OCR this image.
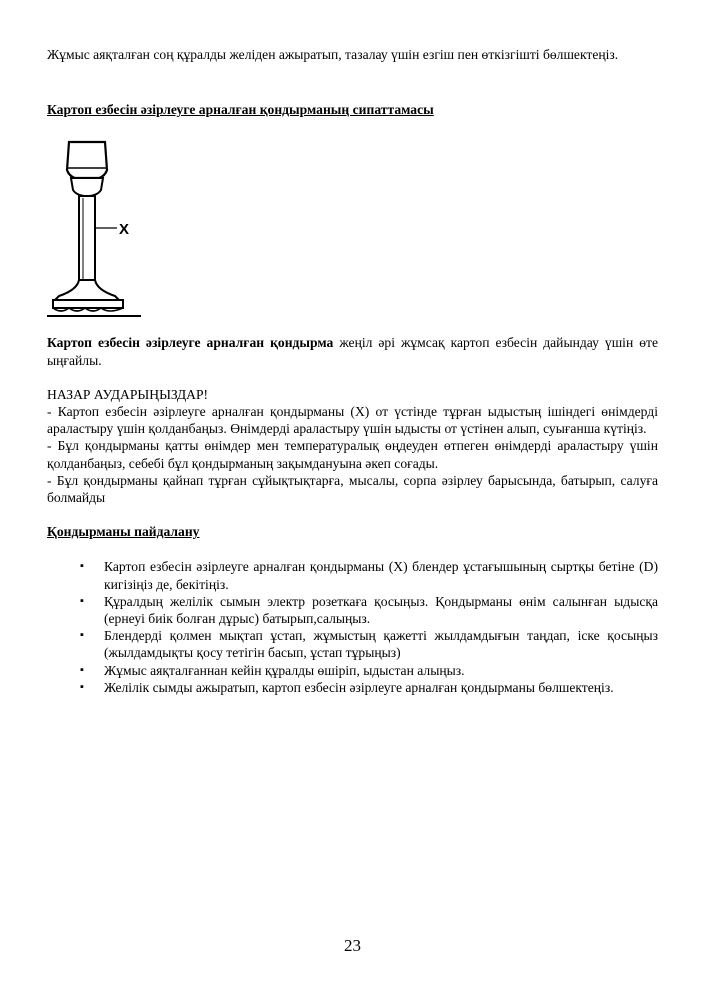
Жұмыс аяқталған соң құралды желіден ажыратып, тазалау үшін езгіш пен өткізгішті бөлшектеңіз.

Картоп езбесін әзірлеуге арналған қондырманың сипаттамасы

X

Картоп езбесін әзірлеуге арналған қондырма жеңіл әрі жұмсақ картоп езбесін дайындау үшін өте ыңғайлы.

НАЗАР АУДАРЫҢЫЗДАР!

- Картоп езбесін әзірлеуге арналған қондырманы (X) от үстінде тұрған ыдыстың ішіндегі өнімдерді араластыру үшін қолданбаңыз. Өнімдерді араластыру үшін ыдысты от үстінен алып, суығанша күтіңіз.

- Бұл қондырманы қатты өнімдер мен температуралық өңдеуден өтпеген өнімдерді араластыру үшін қолданбаңыз, себебі бұл қондырманың зақымдануына әкеп соғады.

- Бұл қондырманы қайнап тұрған сұйықтықтарға, мысалы, сорпа әзірлеу барысында, батырып, салуға болмайды

Қондырманы пайдалану

▪ Картоп езбесін әзірлеуге арналған қондырманы (X) блендер ұстағышының сыртқы бетіне (D) кигізіңіз де, бекітіңіз.
▪ Құралдың желілік сымын электр розеткаға қосыңыз. Қондырманы өнім салынған ыдысқа (ернеуі биік болған дұрыс) батырып,салыңыз.
▪ Блендерді қолмен мықтап ұстап, жұмыстың қажетті жылдамдығын таңдап, іске қосыңыз (жылдамдықты қосу тетігін басып, ұстап тұрыңыз)
▪ Жұмыс аяқталғаннан кейін құралды өшіріп, ыдыстан алыңыз.
▪ Желілік сымды ажыратып, картоп езбесін әзірлеуге арналған қондырманы бөлшектеңіз.
23
